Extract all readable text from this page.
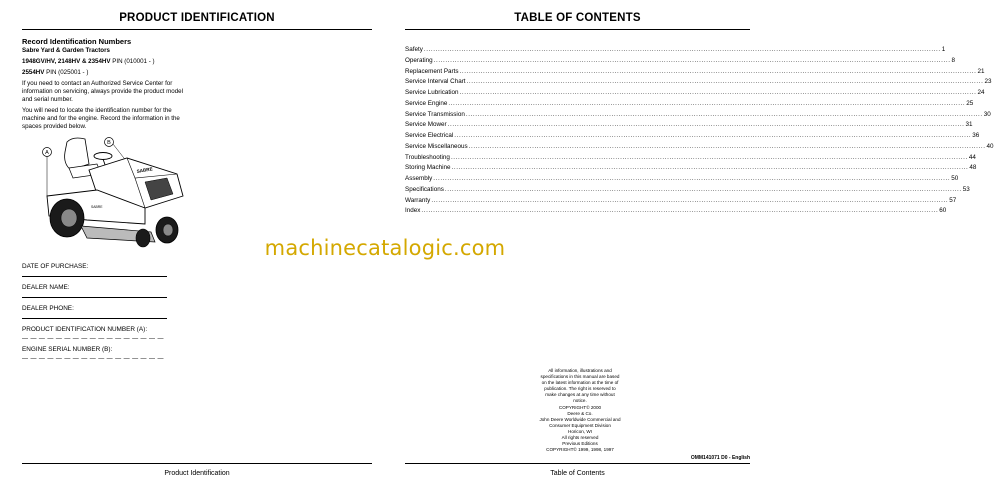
PRODUCT IDENTIFICATION
Record Identification Numbers
Sabre Yard & Garden Tractors
1948GV/HV, 2148HV & 2354HV PIN (010001 - )
2554HV PIN (025001 - )
If you need to contact an Authorized Service Center for information on servicing, always provide the product model and serial number.
You will need to locate the identification number for the machine and for the engine. Record the information in the spaces provided below.
A
B
SABRE
SABRE
DATE OF PURCHASE:
DEALER NAME:
DEALER PHONE:
PRODUCT IDENTIFICATION NUMBER (A):
— — — — — — — — — — — — — — — — —
ENGINE SERIAL NUMBER (B):
— — — — — — — — — — — — — — — — —
Product Identification
TABLE OF CONTENTS
Safety ............................................................................................................................................................................................................................ 1
Operating ............................................................................................................................................................................................................................ 8
Replacement Parts ............................................................................................................................................................................................................................ 21
Service Interval Chart ............................................................................................................................................................................................................................ 23
Service Lubrication ............................................................................................................................................................................................................................ 24
Service Engine ............................................................................................................................................................................................................................ 25
Service Transmission ............................................................................................................................................................................................................................ 30
Service Mower ............................................................................................................................................................................................................................ 31
Service Electrical ............................................................................................................................................................................................................................ 36
Service Miscellaneous ............................................................................................................................................................................................................................ 40
Troubleshooting ............................................................................................................................................................................................................................ 44
Storing Machine ............................................................................................................................................................................................................................ 48
Assembly ............................................................................................................................................................................................................................ 50
Specifications ............................................................................................................................................................................................................................ 53
Warranty ............................................................................................................................................................................................................................ 57
Index ............................................................................................................................................................................................................................ 60
All information, illustrations and
specifications in this manual are based
on the latest information at the time of
publication. The right is reserved to
make changes at any time without
notice.
COPYRIGHT© 2000
Deere & Co.
John Deere Worldwide Commercial and
Consumer Equipment Division
Horicon, WI
All rights reserved
Previous Editions
COPYRIGHT© 1999, 1998, 1997
OMM141071 D0 - English
Table of Contents
machinecatalogic.com
